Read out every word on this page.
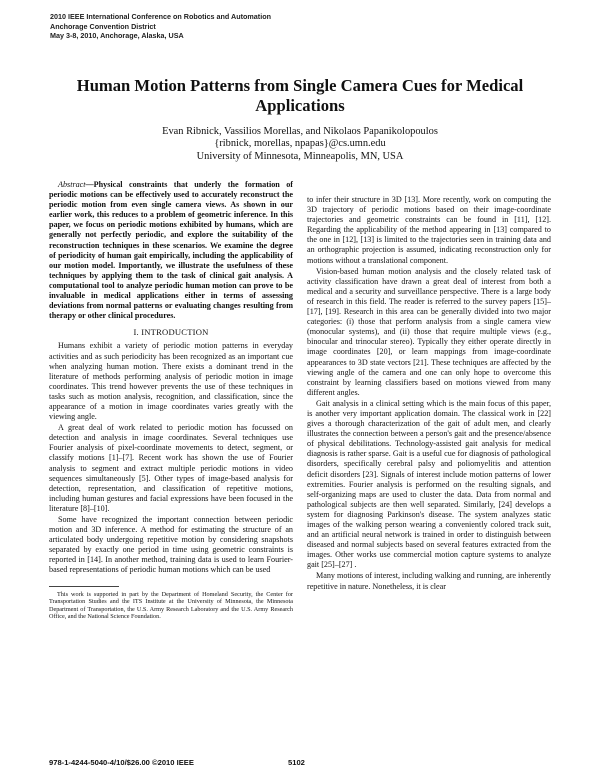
2010 IEEE International Conference on Robotics and Automation
Anchorage Convention District
May 3-8, 2010, Anchorage, Alaska, USA
Human Motion Patterns from Single Camera Cues for Medical Applications
Evan Ribnick, Vassilios Morellas, and Nikolaos Papanikolopoulos
{ribnick, morellas, npapas}@cs.umn.edu
University of Minnesota, Minneapolis, MN, USA

Abstract—Physical constraints that underly the formation of periodic motions can be effectively used to accurately reconstruct the periodic motion from even single camera views. As shown in our earlier work, this reduces to a problem of geometric inference. In this paper, we focus on periodic motions exhibited by humans, which are generally not perfectly periodic, and explore the suitability of the reconstruction techniques in these scenarios. We examine the degree of periodicity of human gait empirically, including the applicability of our motion model. Importantly, we illustrate the usefulness of these techniques by applying them to the task of clinical gait analysis. A computational tool to analyze periodic human motion can prove to be invaluable in medical applications either in terms of assessing deviations from normal patterns or evaluating changes resulting from therapy or other clinical procedures.

I. INTRODUCTION

Humans exhibit a variety of periodic motion patterns in everyday activities and as such periodicity has been recognized as an important cue when analyzing human motion. There exists a dominant trend in the literature of methods performing analysis of periodic motion in image coordinates. This trend however prevents the use of these techniques in tasks such as motion analysis, recognition, and classification, since the appearance of a motion in image coordinates varies greatly with the viewing angle.

A great deal of work related to periodic motion has focussed on detection and analysis in image coordinates. Several techniques use Fourier analysis of pixel-coordinate movements to detect, segment, or classify motions [1]–[7]. Recent work has shown the use of Fourier analysis to segment and extract multiple periodic motions in video sequences simultaneously [5]. Other types of image-based analysis for detection, representation, and classification of repetitive motions, including human gestures and facial expressions have been focused in the literature [8]–[10].

Some have recognized the important connection between periodic motion and 3D inference. A method for estimating the structure of an articulated body undergoing repetitive motion by considering snapshots separated by exactly one period in time using geometric constraints is reported in [14]. In another method, training data is used to learn Fourier-based representations of periodic human motions which can be used

This work is supported in part by the Department of Homeland Security, the Center for Transportation Studies and the ITS Institute at the University of Minnesota, the Minnesota Department of Transportation, the U.S. Army Research Laboratory and the U.S. Army Research Office, and the National Science Foundation.

to infer their structure in 3D [13]. More recently, work on computing the 3D trajectory of periodic motions based on their image-coordinate trajectories and geometric constraints can be found in [11], [12]. Regarding the applicability of the method appearing in [13] compared to the one in [12], [13] is limited to the trajectories seen in training data and an orthographic projection is assumed, indicating reconstruction only for motions without a translational component.

Vision-based human motion analysis and the closely related task of activity classification have drawn a great deal of interest from both a medical and a security and surveillance perspective. There is a large body of research in this field. The reader is referred to the survey papers [15]–[17], [19]. Research in this area can be generally divided into two major categories: (i) those that perform analysis from a single camera view (monocular systems), and (ii) those that require multiple views (e.g., binocular and trinocular stereo). Typically they either operate directly in image coordinates [20], or learn mappings from image-coordinate appearances to 3D state vectors [21]. These techniques are affected by the viewing angle of the camera and one can only hope to overcome this constraint by learning classifiers based on motions viewed from many different angles.

Gait analysis in a clinical setting which is the main focus of this paper, is another very important application domain. The classical work in [22] gives a thorough characterization of the gait of adult men, and clearly illustrates the connection between a person's gait and the presence/absence of physical debilitations. Technology-assisted gait analysis for medical diagnosis is rather sparse. Gait is a useful cue for diagnosis of pathological disorders, specifically cerebral palsy and poliomyelitis and attention deficit disorders [23]. Signals of interest include motion patterns of lower extremities. Fourier analysis is performed on the resulting signals, and self-organizing maps are used to cluster the data. Data from normal and pathological subjects are then well separated. Similarly, [24] develops a system for diagnosing Parkinson's disease. The system analyzes static images of the walking person wearing a conveniently colored track suit, and an artificial neural network is trained in order to distinguish between diseased and normal subjects based on several features extracted from the images. Other works use commercial motion capture systems to analyze gait [25]–[27] .

Many motions of interest, including walking and running, are inherently repetitive in nature. Nonetheless, it is clear

978-1-4244-5040-4/10/$26.00 ©2010 IEEE	5102
